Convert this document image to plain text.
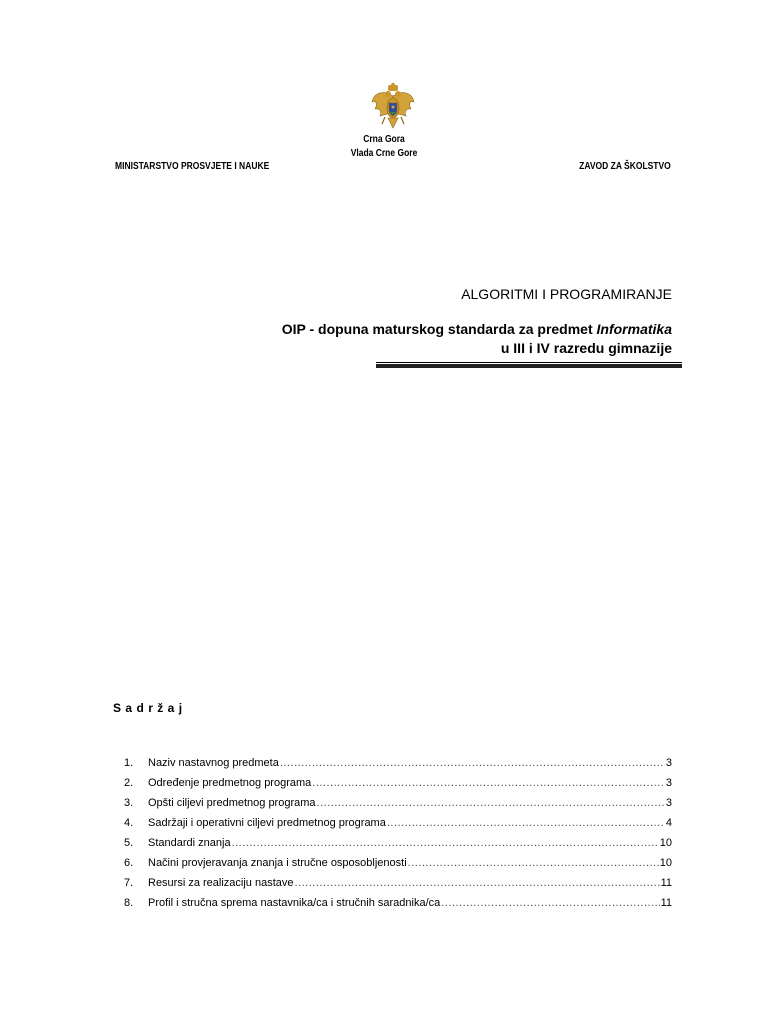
Crna Gora
Vlada Crne Gore
MINISTARSTVO PROSVJETE I NAUKE	ZAVOD ZA ŠKOLSTVO
ALGORITMI I PROGRAMIRANJE
OIP - dopuna maturskog standarda za predmet Informatika
u III i IV razredu gimnazije
Sadržaj
1.	Naziv nastavnog predmeta .....	3
2.	Određenje predmetnog programa .....	3
3.	Opšti ciljevi predmetnog programa .....	3
4.	Sadržaji i operativni ciljevi predmetnog programa .....	4
5.	Standardi znanja .....	10
6.	Načini provjeravanja znanja i stručne osposobljenosti .....	10
7.	Resursi za realizaciju nastave .....	11
8.	Profil i stručna sprema nastavnika/ca i stručnih saradnika/ca .....	11
